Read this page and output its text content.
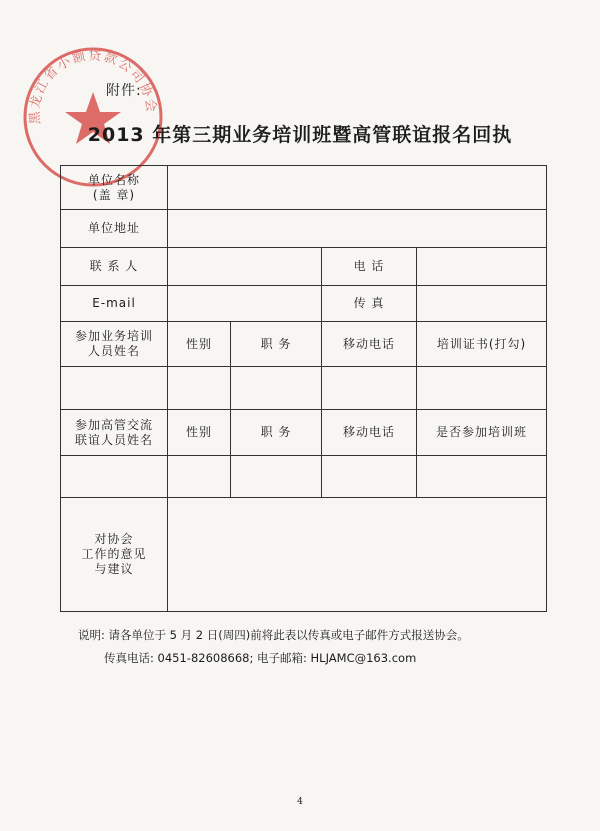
黑龙江省小额贷款公司协会
附件:
2013 年第三期业务培训班暨高管联谊报名回执
单位名称
(盖 章)				

单位地址				
联 系 人			电 话	
E-mail			传 真	

参加业务培训
人员姓名	性别	职 务	移动电话	培训证书(打勾)

参加高管交流
联谊人员姓名	性别	职 务	移动电话	是否参加培训班

对协会
工作的意见
与建议				

说明: 请各单位于 5 月 2 日(周四)前将此表以传真或电子邮件方式报送协会。
传真电话: 0451-82608668; 电子邮箱: HLJAMC@163.com
4
